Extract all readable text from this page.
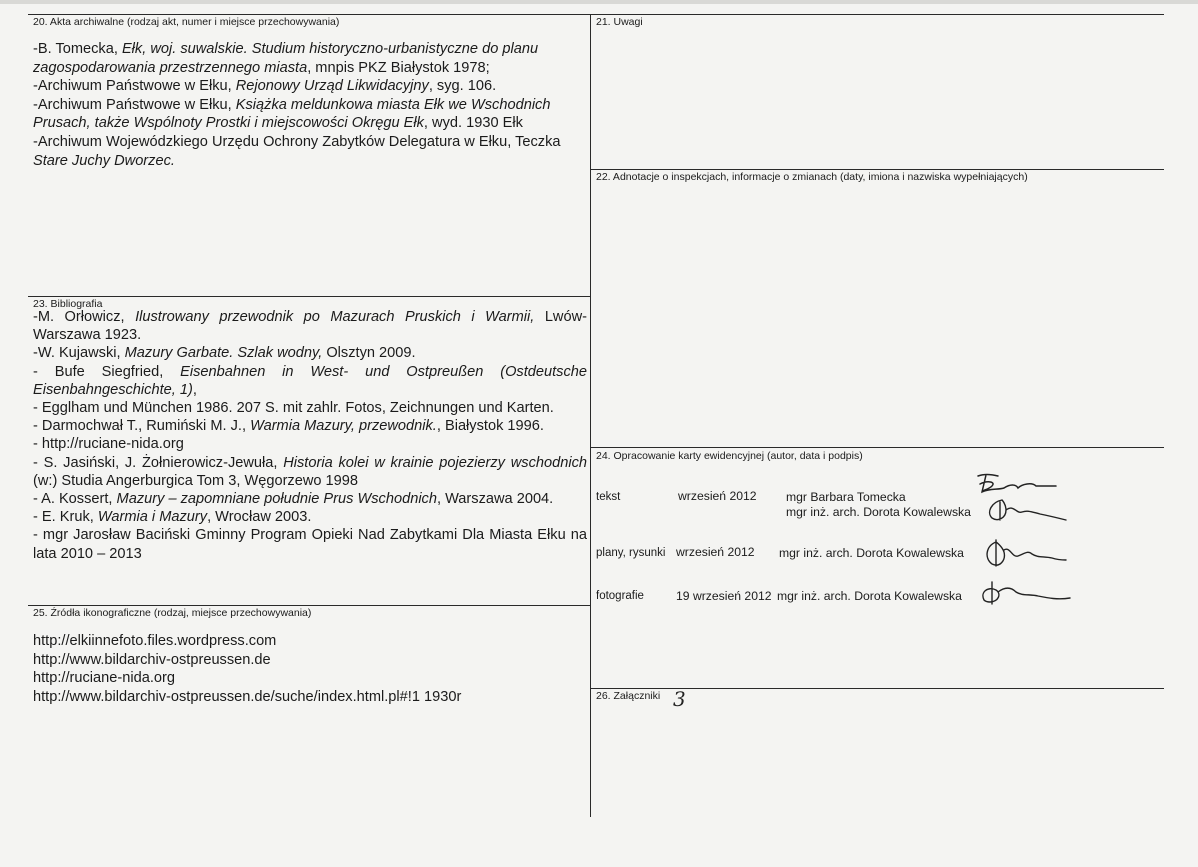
20. Akta archiwalne (rodzaj akt, numer i miejsce przechowywania)

-B. Tomecka, Ełk, woj. suwalskie. Studium historyczno-urbanistyczne do planu zagospodarowania przestrzennego miasta, mnpis PKZ Białystok 1978;

-Archiwum Państwowe w Ełku, Rejonowy Urząd Likwidacyjny, syg. 106.

-Archiwum Państwowe w Ełku, Książka meldunkowa miasta Ełk we Wschodnich Prusach, także Wspólnoty Prostki i miejscowości Okręgu Ełk, wyd. 1930 Ełk

-Archiwum Wojewódzkiego Urzędu Ochrony Zabytków Delegatura w Ełku, Teczka Stare Juchy Dworzec.

21. Uwagi
22. Adnotacje o inspekcjach, informacje o zmianach (daty, imiona i nazwiska wypełniających)
23. Bibliografia

-M. Orłowicz, Ilustrowany przewodnik po Mazurach Pruskich i Warmii, Lwów-Warszawa 1923.

-W. Kujawski, Mazury Garbate. Szlak wodny, Olsztyn 2009.

- Bufe Siegfried, Eisenbahnen in West- und Ostpreußen (Ostdeutsche Eisenbahngeschichte, 1),

- Egglham und München 1986. 207 S. mit zahlr. Fotos, Zeichnungen und Karten.

- Darmochwał T., Rumiński M. J., Warmia Mazury, przewodnik., Białystok 1996.

- http://ruciane-nida.org

- S. Jasiński, J. Żołnierowicz-Jewuła, Historia kolei w krainie pojezierzy wschodnich (w:) Studia Angerburgica Tom 3, Węgorzewo 1998

- A. Kossert, Mazury – zapomniane południe Prus Wschodnich, Warszawa 2004.

- E. Kruk, Warmia i Mazury, Wrocław 2003.

- mgr Jarosław Baciński Gminny Program Opieki Nad Zabytkami Dla Miasta Ełku na lata 2010 – 2013

24. Opracowanie karty ewidencyjnej (autor, data i podpis)
tekst	wrzesień 2012 mgr Barbara Tomecka
mgr inż. arch. Dorota Kowalewska
plany, rysunki wrzesień 2012 mgr inż. arch. Dorota Kowalewska
fotografie	19 wrzesień 2012 mgr inż. arch. Dorota Kowalewska
25. Źródła ikonograficzne (rodzaj, miejsce przechowywania)

http://elkiinnefoto.files.wordpress.com

http://www.bildarchiv-ostpreussen.de

http://ruciane-nida.org

http://www.bildarchiv-ostpreussen.de/suche/index.html.pl#!1 1930r	26. Załączniki 3
